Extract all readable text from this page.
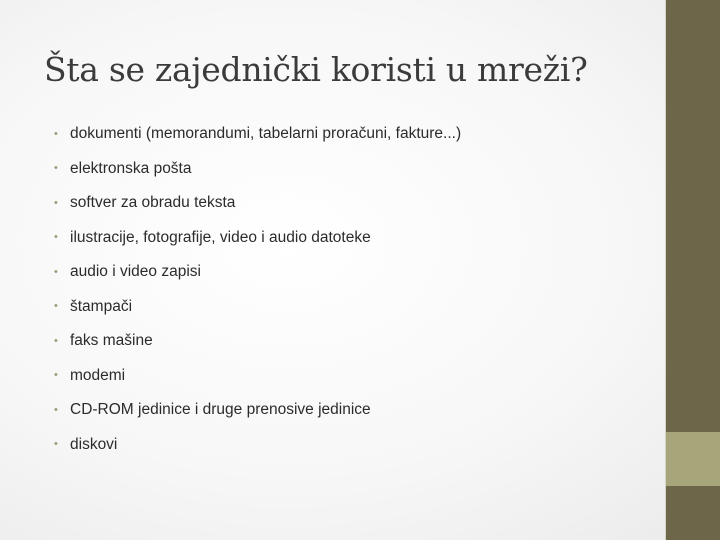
Šta se zajednički koristi u mreži?
• dokumenti (memorandumi, tabelarni proračuni, fakture...)
• elektronska pošta
• softver za obradu teksta
• ilustracije, fotografije, video i audio datoteke
• audio i video zapisi
• štampači
• faks mašine
• modemi
• CD-ROM jedinice i druge prenosive jedinice
• diskovi
